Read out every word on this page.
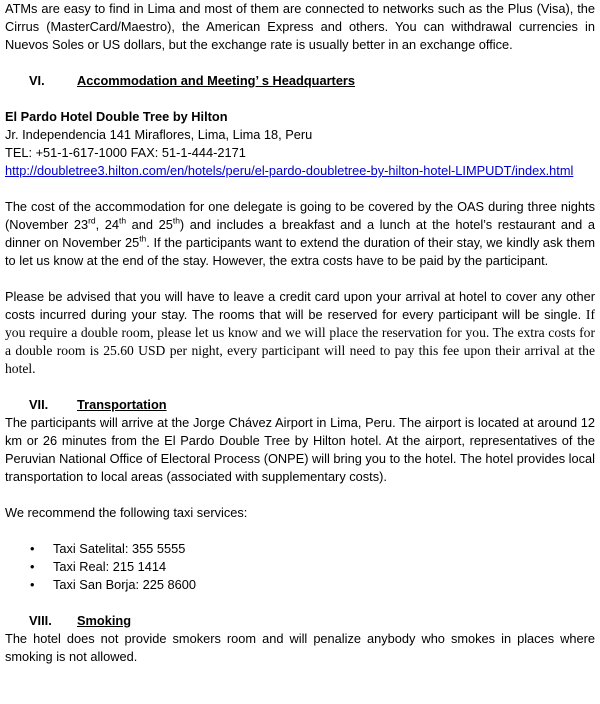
ATMs are easy to find in Lima and most of them are connected to networks such as the Plus (Visa), the Cirrus (MasterCard/Maestro), the American Express and others. You can withdrawal currencies in Nuevos Soles or US dollars, but the exchange rate is usually better in an exchange office.

VI.	Accommodation and Meeting’ s Headquarters

El Pardo Hotel Double Tree by Hilton

Jr. Independencia 141 Miraflores, Lima, Lima 18, Peru

TEL: +51-1-617-1000 FAX: 51-1-444-2171

http://doubletree3.hilton.com/en/hotels/peru/el-pardo-doubletree-by-hilton-hotel-LIMPUDT/index.html

The cost of the accommodation for one delegate is going to be covered by the OAS during three nights (November 23rd, 24th and 25th) and includes a breakfast and a lunch at the hotel’s restaurant and a dinner on November 25th. If the participants want to extend the duration of their stay, we kindly ask them to let us know at the end of the stay. However, the extra costs have to be paid by the participant.

Please be advised that you will have to leave a credit card upon your arrival at hotel to cover any other costs incurred during your stay. The rooms that will be reserved for every participant will be single. If you require a double room, please let us know and we will place the reservation for you. The extra costs for a double room is 25.60 USD per night, every participant will need to pay this fee upon their arrival at the hotel.

VII. Transportation

The participants will arrive at the Jorge Chávez Airport in Lima, Peru. The airport is located at around 12 km or 26 minutes from the El Pardo Double Tree by Hilton hotel. At the airport, representatives of the Peruvian National Office of Electoral Process (ONPE) will bring you to the hotel. The hotel provides local transportation to local areas (associated with supplementary costs).

We recommend the following taxi services:

• Taxi Satelital: 355 5555
• Taxi Real: 215 1414
• Taxi San Borja: 225 8600
VIII. Smoking

The hotel does not provide smokers room and will penalize anybody who smokes in places where smoking is not allowed.
